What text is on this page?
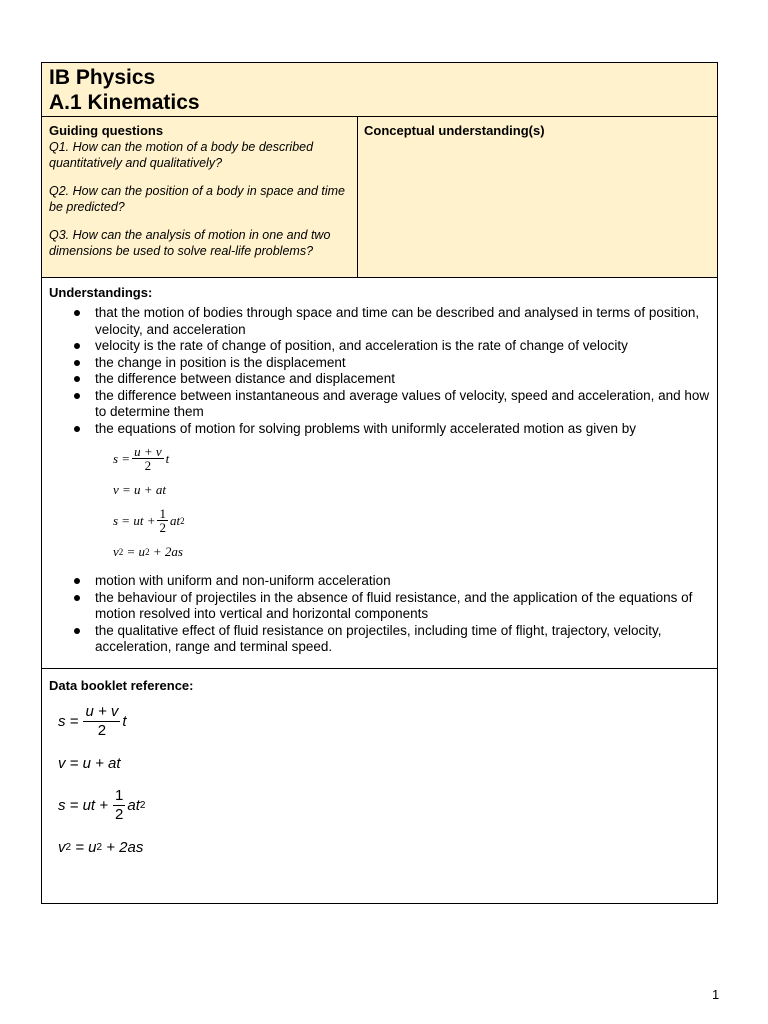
IB Physics
A.1 Kinematics
Guiding questions

Q1. How can the motion of a body be described quantitatively and qualitatively?

Q2. How can the position of a body in space and time be predicted?

Q3. How can the analysis of motion in one and two dimensions be used to solve real-life problems?

Conceptual understanding(s)
Understandings:
that the motion of bodies through space and time can be described and analysed in terms of position, velocity, and acceleration
velocity is the rate of change of position, and acceleration is the rate of change of velocity
the change in position is the displacement
the difference between distance and displacement
the difference between instantaneous and average values of velocity, speed and acceleration, and how to determine them
the equations of motion for solving problems with uniformly accelerated motion as given by
$s = \frac{u + v}{2}$ t
v = u + at
s = ut + $\frac{1}{2}$ at 2
v 2 = u 2 + 2as
motion with uniform and non-uniform acceleration
the behaviour of projectiles in the absence of fluid resistance, and the application of the equations of motion resolved into vertical and horizontal components
the qualitative effect of fluid resistance on projectiles, including time of flight, trajectory, velocity, acceleration, range and terminal speed.
Data booklet reference:
$s = \frac{u + v}{2}$ t
v = u + at
s = ut + $\frac{1}{2}$ at 2
v 2 = u 2 + 2as
1
